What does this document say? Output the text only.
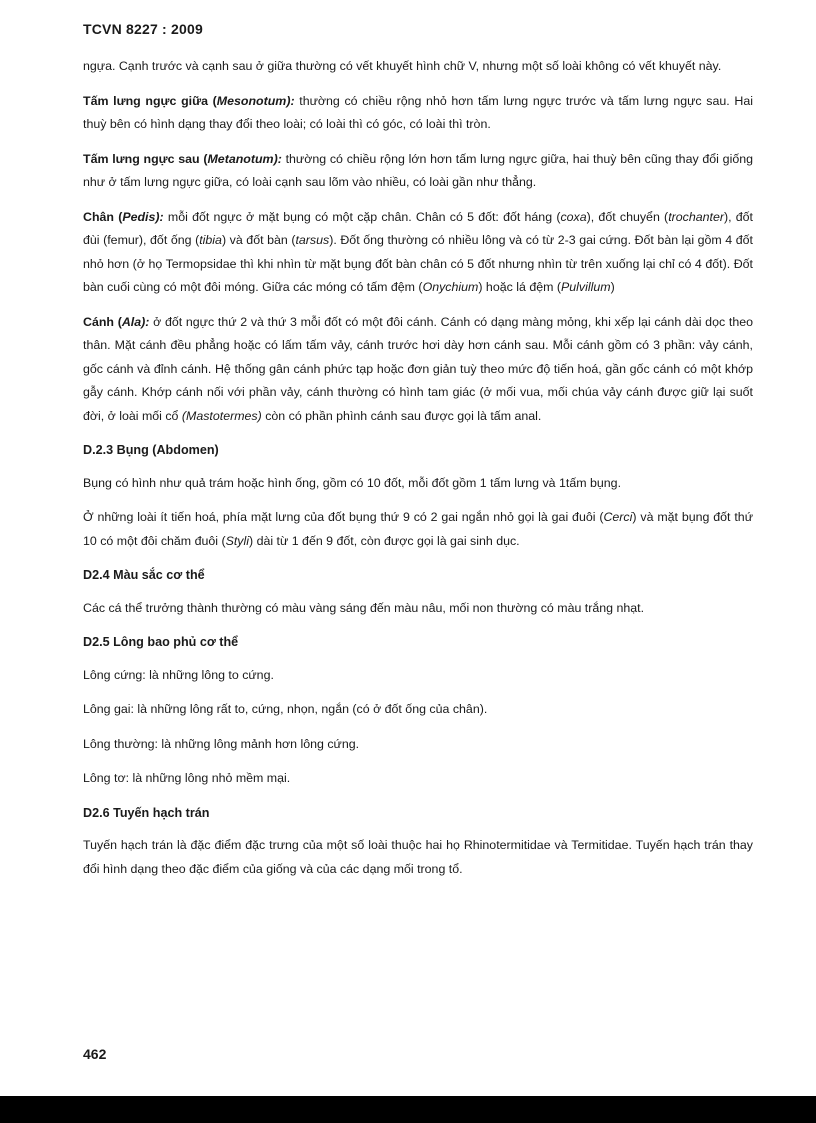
TCVN 8227 : 2009

ngựa. Cạnh trước và cạnh sau ở giữa thường có vết khuyết hình chữ V, nhưng một số loài không có vết khuyết này.

Tấm lưng ngực giữa (Mesonotum): thường có chiều rộng nhỏ hơn tấm lưng ngực trước và tấm lưng ngực sau. Hai thuỳ bên có hình dạng thay đổi theo loài; có loài thì có góc, có loài thì tròn.

Tấm lưng ngực sau (Metanotum): thường có chiều rộng lớn hơn tấm lưng ngực giữa, hai thuỳ bên cũng thay đổi giống như ở tấm lưng ngực giữa, có loài cạnh sau lõm vào nhiều, có loài gần như thẳng.

Chân (Pedis): mỗi đốt ngực ở mặt bụng có một cặp chân. Chân có 5 đốt: đốt háng (coxa), đốt chuyển (trochanter), đốt đùi (femur), đốt ống (tibia) và đốt bàn (tarsus). Đốt ống thường có nhiều lông và có từ 2-3 gai cứng. Đốt bàn lại gồm 4 đốt nhỏ hơn (ở họ Termopsidae thì khi nhìn từ mặt bụng đốt bàn chân có 5 đốt nhưng nhìn từ trên xuống lại chỉ có 4 đốt). Đốt bàn cuối cùng có một đôi móng. Giữa các móng có tấm đệm (Onychium) hoặc lá đệm (Pulvillum)

Cánh (Ala): ở đốt ngực thứ 2 và thứ 3 mỗi đốt có một đôi cánh. Cánh có dạng màng mỏng, khi xếp lại cánh dài dọc theo thân. Mặt cánh đều phẳng hoặc có lấm tấm vảy, cánh trước hơi dày hơn cánh sau. Mỗi cánh gồm có 3 phần: vảy cánh, gốc cánh và đỉnh cánh. Hệ thống gân cánh phức tạp hoặc đơn giản tuỳ theo mức độ tiến hoá, gần gốc cánh có một khớp gẫy cánh. Khớp cánh nối với phần vảy, cánh thường có hình tam giác (ở mối vua, mối chúa vảy cánh được giữ lại suốt đời, ở loài mối cổ (Mastotermes) còn có phần phình cánh sau được gọi là tấm anal.

D.2.3 Bụng (Abdomen)

Bụng có hình như quả trám hoặc hình ống, gồm có 10 đốt, mỗi đốt gồm 1 tấm lưng và 1tấm bụng.

Ở những loài ít tiến hoá, phía mặt lưng của đốt bụng thứ 9 có 2 gai ngắn nhỏ gọi là gai đuôi (Cerci) và mặt bụng đốt thứ 10 có một đôi chăm đuôi (Styli) dài từ 1 đến 9 đốt, còn được gọi là gai sinh dục.

D2.4 Màu sắc cơ thể

Các cá thể trưởng thành thường có màu vàng sáng đến màu nâu, mối non thường có màu trắng nhạt.

D2.5 Lông bao phủ cơ thể

Lông cứng: là những lông to cứng.

Lông gai: là những lông rất to, cứng, nhọn, ngắn (có ở đốt ống của chân).

Lông thường: là những lông mảnh hơn lông cứng.

Lông tơ: là những lông nhỏ mềm mại.

D2.6 Tuyến hạch trán

Tuyến hạch trán là đặc điểm đặc trưng của một số loài thuộc hai họ Rhinotermitidae và Termitidae. Tuyến hạch trán thay đổi hình dạng theo đặc điểm của giống và của các dạng mối trong tổ.

462
